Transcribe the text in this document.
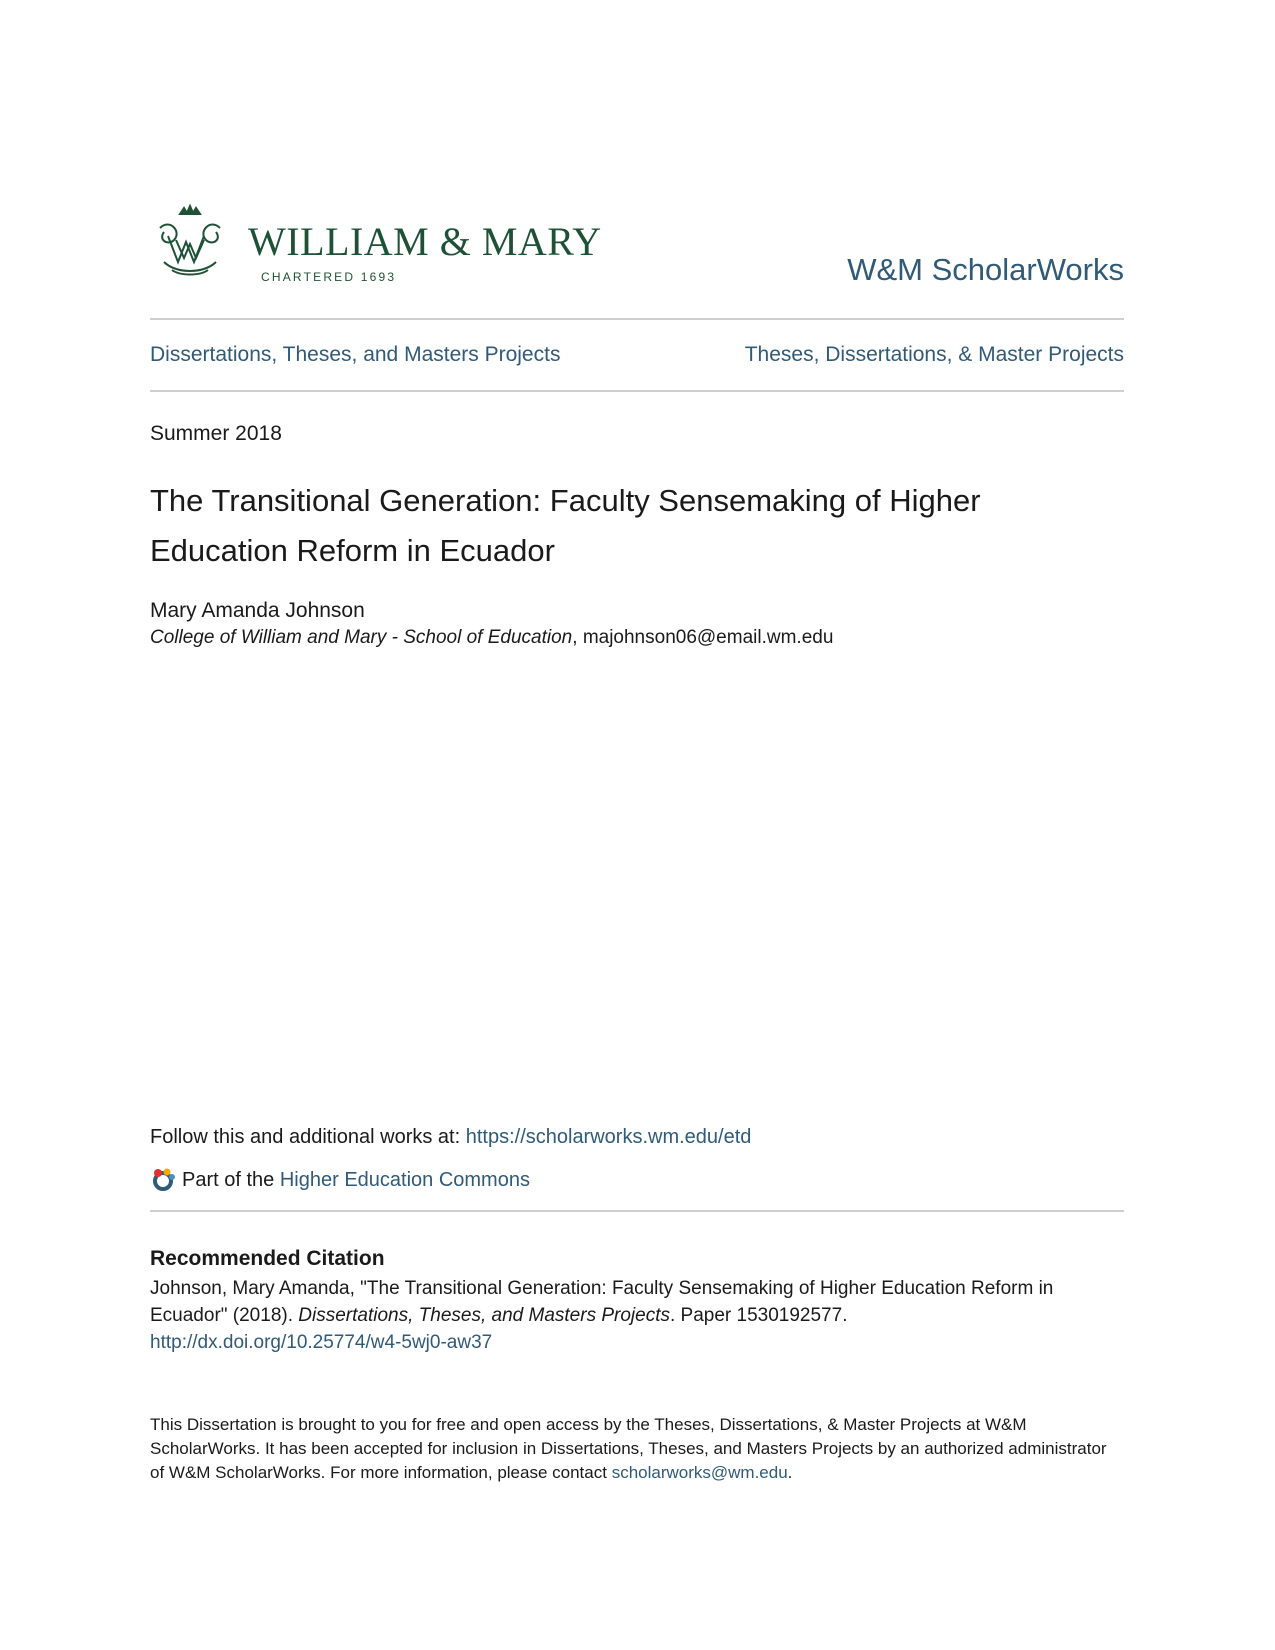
WILLIAM & MARY
CHARTERED 1693	W&M ScholarWorks
Dissertations, Theses, and Masters Projects	Theses, Dissertations, & Master Projects
Summer 2018
The Transitional Generation: Faculty Sensemaking of Higher Education Reform in Ecuador
Mary Amanda Johnson
College of William and Mary - School of Education, majohnson06@email.wm.edu
Follow this and additional works at: https://scholarworks.wm.edu/etd
Part of the Higher Education Commons
Recommended Citation
Johnson, Mary Amanda, "The Transitional Generation: Faculty Sensemaking of Higher Education Reform in Ecuador" (2018). Dissertations, Theses, and Masters Projects. Paper 1530192577.
http://dx.doi.org/10.25774/w4-5wj0-aw37
This Dissertation is brought to you for free and open access by the Theses, Dissertations, & Master Projects at W&M ScholarWorks. It has been accepted for inclusion in Dissertations, Theses, and Masters Projects by an authorized administrator of W&M ScholarWorks. For more information, please contact scholarworks@wm.edu.
